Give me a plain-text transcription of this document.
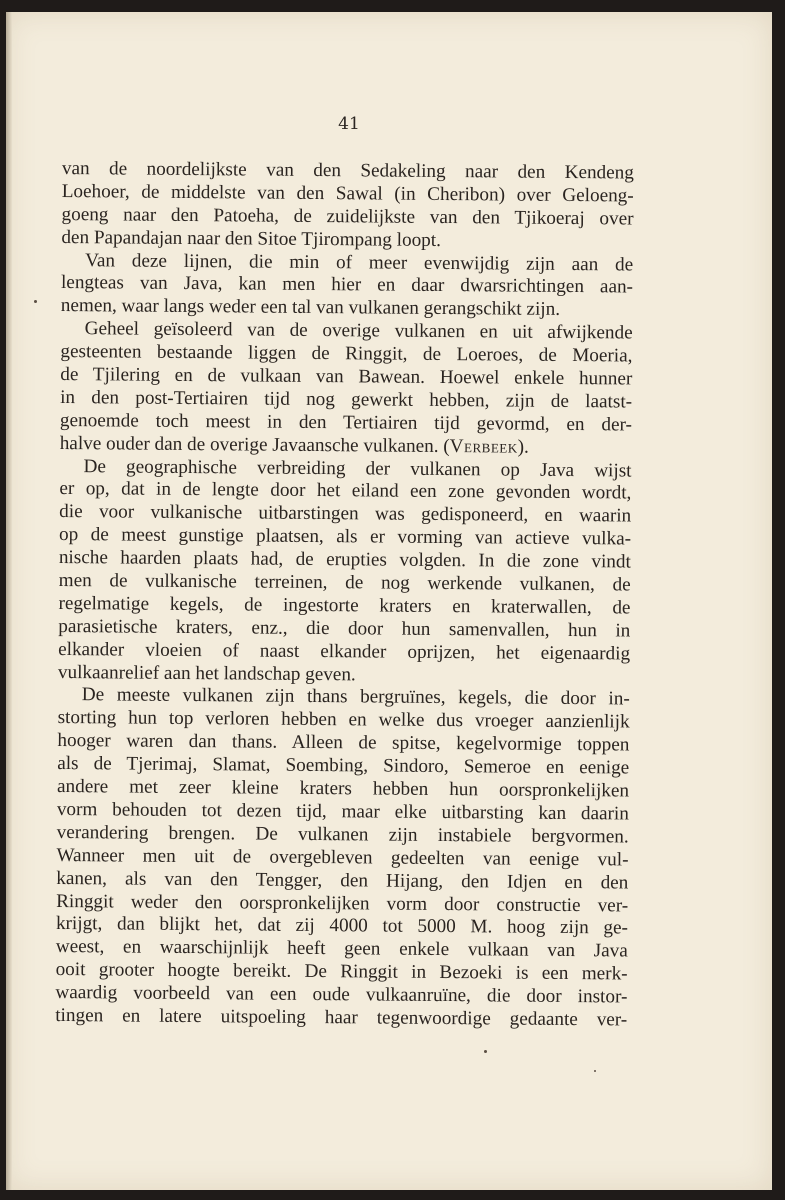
41
van de noordelijkste van den Sedakeling naar den Kendeng
Loehoer, de middelste van den Sawal (in Cheribon) over Geloeng-
goeng naar den Patoeha, de zuidelijkste van den Tjikoeraj over
den Papandajan naar den Sitoe Tjirompang loopt.
Van deze lijnen, die min of meer evenwijdig zijn aan de
lengteas van Java, kan men hier en daar dwarsrichtingen aan-
nemen, waar langs weder een tal van vulkanen gerangschikt zijn.
Geheel geïsoleerd van de overige vulkanen en uit afwijkende
gesteenten bestaande liggen de Ringgit, de Loeroes, de Moeria,
de Tjilering en de vulkaan van Bawean. Hoewel enkele hunner
in den post-Tertiairen tijd nog gewerkt hebben, zijn de laatst-
genoemde toch meest in den Tertiairen tijd gevormd, en der-
halve ouder dan de overige Javaansche vulkanen. (Verbeek).
De geographische verbreiding der vulkanen op Java wijst
er op, dat in de lengte door het eiland een zone gevonden wordt,
die voor vulkanische uitbarstingen was gedisponeerd, en waarin
op de meest gunstige plaatsen, als er vorming van actieve vulka-
nische haarden plaats had, de erupties volgden. In die zone vindt
men de vulkanische terreinen, de nog werkende vulkanen, de
regelmatige kegels, de ingestorte kraters en kraterwallen, de
parasietische kraters, enz., die door hun samenvallen, hun in
elkander vloeien of naast elkander oprijzen, het eigenaardig
vulkaanrelief aan het landschap geven.
De meeste vulkanen zijn thans bergruïnes, kegels, die door in-
storting hun top verloren hebben en welke dus vroeger aanzienlijk
hooger waren dan thans. Alleen de spitse, kegelvormige toppen
als de Tjerimaj, Slamat, Soembing, Sindoro, Semeroe en eenige
andere met zeer kleine kraters hebben hun oorspronkelijken
vorm behouden tot dezen tijd, maar elke uitbarsting kan daarin
verandering brengen. De vulkanen zijn instabiele bergvormen.
Wanneer men uit de overgebleven gedeelten van eenige vul-
kanen, als van den Tengger, den Hijang, den Idjen en den
Ringgit weder den oorspronkelijken vorm door constructie ver-
krijgt, dan blijkt het, dat zij 4000 tot 5000 M. hoog zijn ge-
weest, en waarschijnlijk heeft geen enkele vulkaan van Java
ooit grooter hoogte bereikt. De Ringgit in Bezoeki is een merk-
waardig voorbeeld van een oude vulkaanruïne, die door instor-
tingen en latere uitspoeling haar tegenwoordige gedaante ver-
